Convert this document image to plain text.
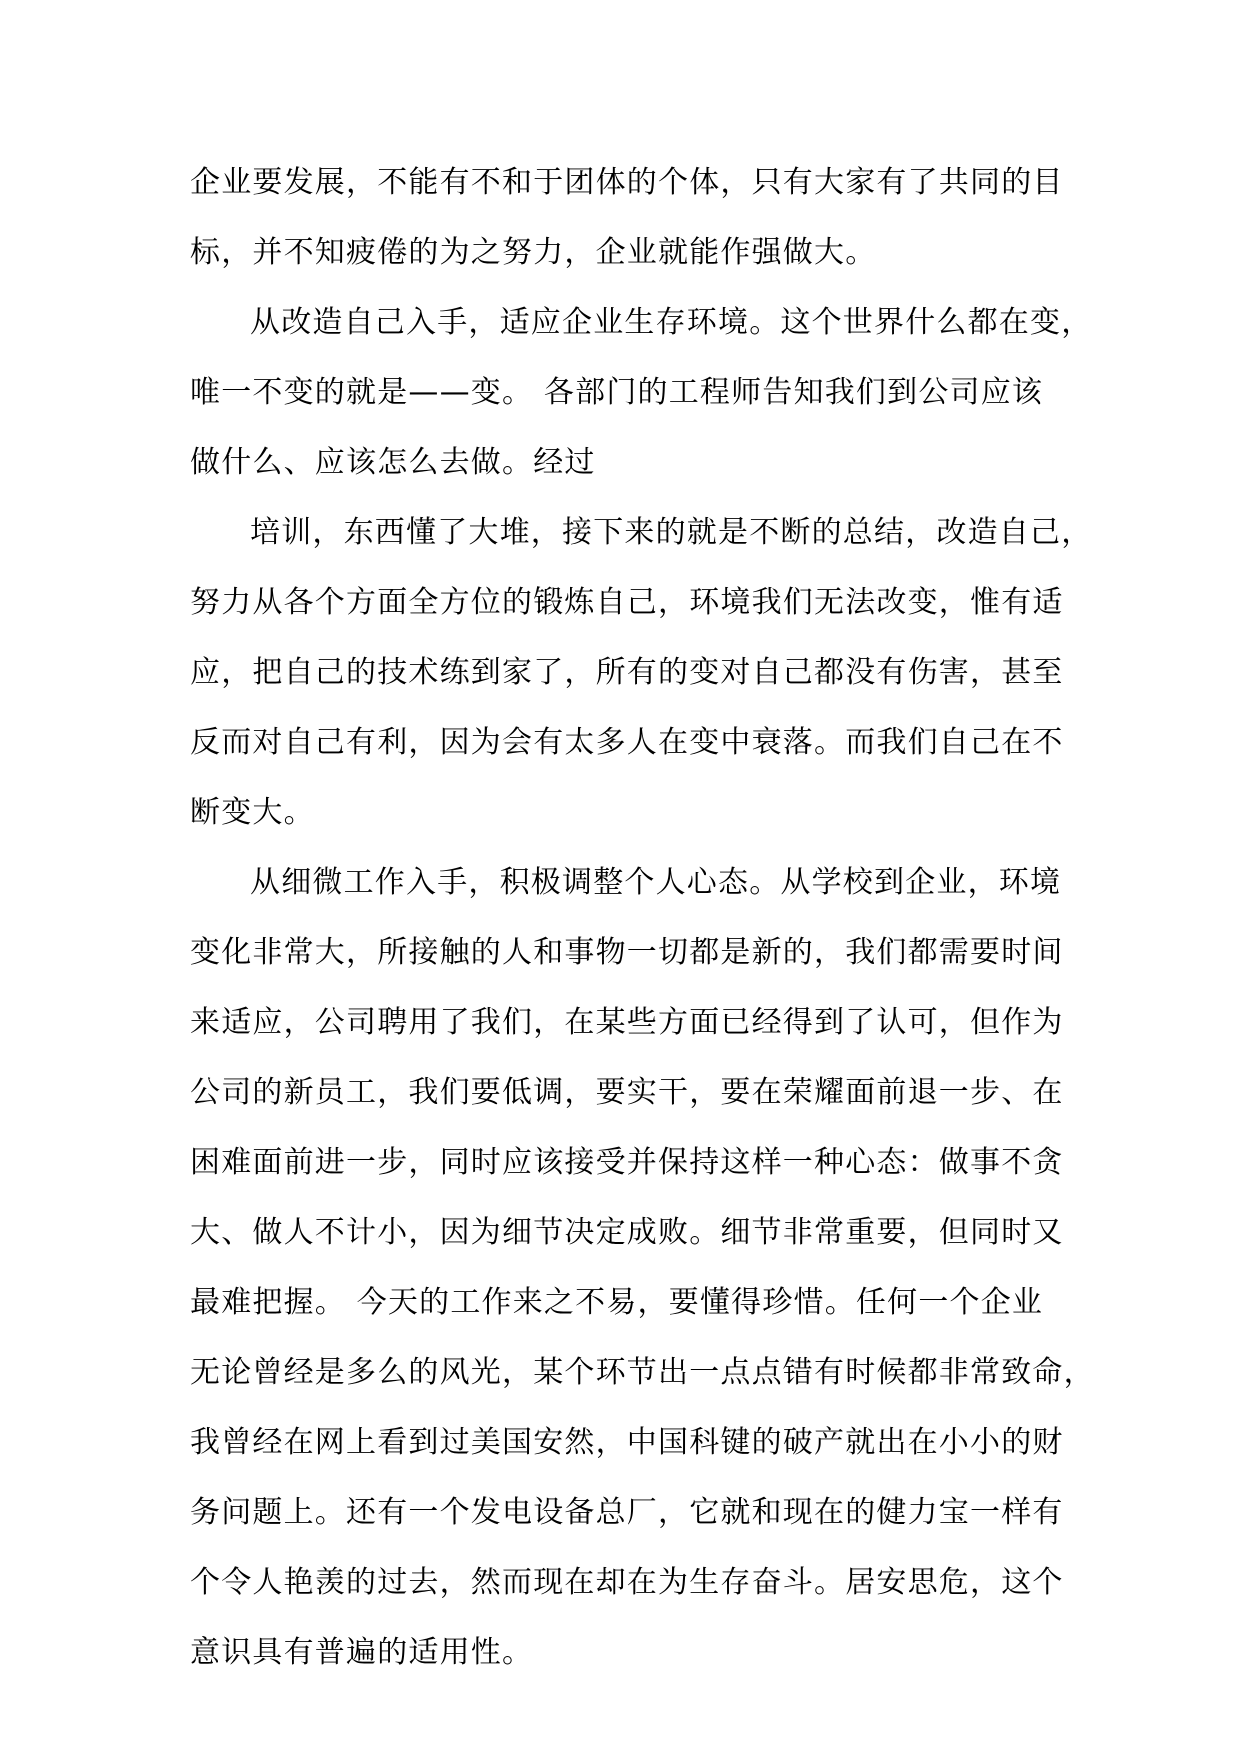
企业要发展，不能有不和于团体的个体，只有大家有了共同的目
标，并不知疲倦的为之努力，企业就能作强做大。
从改造自己入手，适应企业生存环境。这个世界什么都在变，
唯一不变的就是——变。 各部门的工程师告知我们到公司应该
做什么、应该怎么去做。经过
培训，东西懂了大堆，接下来的就是不断的总结，改造自己，
努力从各个方面全方位的锻炼自己，环境我们无法改变，惟有适
应，把自己的技术练到家了，所有的变对自己都没有伤害，甚至
反而对自己有利，因为会有太多人在变中衰落。而我们自己在不
断变大。
从细微工作入手，积极调整个人心态。从学校到企业，环境
变化非常大，所接触的人和事物一切都是新的，我们都需要时间
来适应，公司聘用了我们，在某些方面已经得到了认可，但作为
公司的新员工，我们要低调，要实干，要在荣耀面前退一步、在
困难面前进一步，同时应该接受并保持这样一种心态：做事不贪
大、做人不计小，因为细节决定成败。细节非常重要，但同时又
最难把握。 今天的工作来之不易，要懂得珍惜。任何一个企业
无论曾经是多么的风光，某个环节出一点点错有时候都非常致命，
我曾经在网上看到过美国安然，中国科键的破产就出在小小的财
务问题上。还有一个发电设备总厂，它就和现在的健力宝一样有
个令人艳羡的过去，然而现在却在为生存奋斗。居安思危，这个
意识具有普遍的适用性。
